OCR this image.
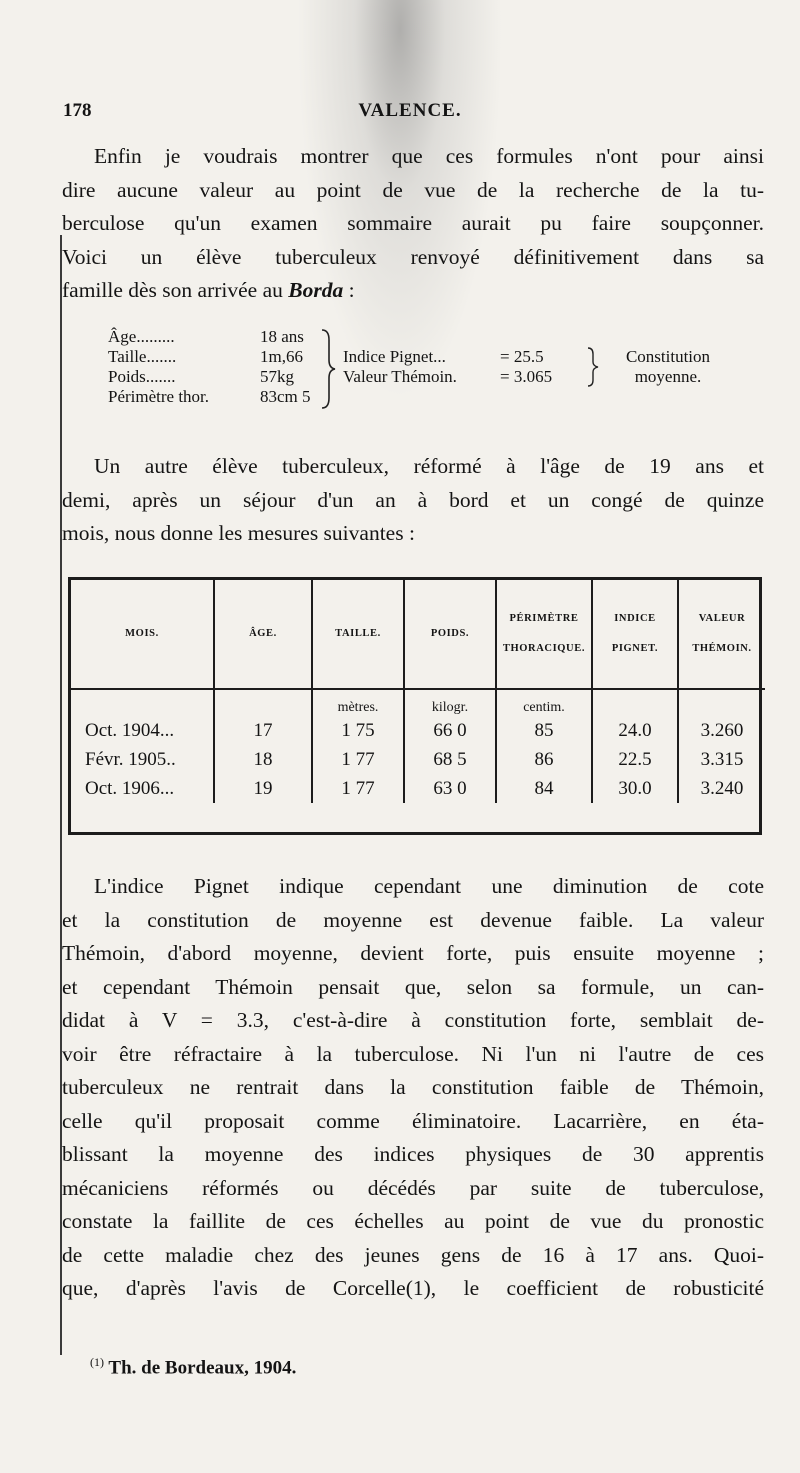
178	VALENCE.
Enfin je voudrais montrer que ces formules n'ont pour ainsi
dire aucune valeur au point de vue de la recherche de la tu-
berculose qu'un examen sommaire aurait pu faire soupçonner.
Voici un élève tuberculeux renvoyé définitivement dans sa
famille dès son arrivée au Borda :
Âge.........	18 ans
Taille.......	1m,66
Poids.......	57kg
Périmètre thor.	83cm 5
Indice Pignet...	= 25.5
Valeur Thémoin.	= 3.065
Constitution
moyenne.
Un autre élève tuberculeux, réformé à l'âge de 19 ans et
demi, après un séjour d'un an à bord et un congé de quinze
mois, nous donne les mesures suivantes :
MOIS.	ÂGE.	TAILLE.	POIDS.	PÉRIMÈTRE THORACIQUE.	INDICE PIGNET.	VALEUR THÉMOIN.
		mètres.	kilogr.	centim.		
Oct. 1904...	17	1 75	66 0	85	24.0	3.260
Févr. 1905..	18	1 77	68 5	86	22.5	3.315
Oct. 1906...	19	1 77	63 0	84	30.0	3.240
L'indice Pignet indique cependant une diminution de cote
et la constitution de moyenne est devenue faible. La valeur
Thémoin, d'abord moyenne, devient forte, puis ensuite moyenne ;
et cependant Thémoin pensait que, selon sa formule, un can-
didat à V = 3.3, c'est-à-dire à constitution forte, semblait de-
voir être réfractaire à la tuberculose. Ni l'un ni l'autre de ces
tuberculeux ne rentrait dans la constitution faible de Thémoin,
celle qu'il proposait comme éliminatoire. Lacarrière, en éta-
blissant la moyenne des indices physiques de 30 apprentis
mécaniciens réformés ou décédés par suite de tuberculose,
constate la faillite de ces échelles au point de vue du pronostic
de cette maladie chez des jeunes gens de 16 à 17 ans. Quoi-
que, d'après l'avis de Corcelle(1), le coefficient de robusticité
$^{(1)}$ Th. de Bordeaux, 1904.
